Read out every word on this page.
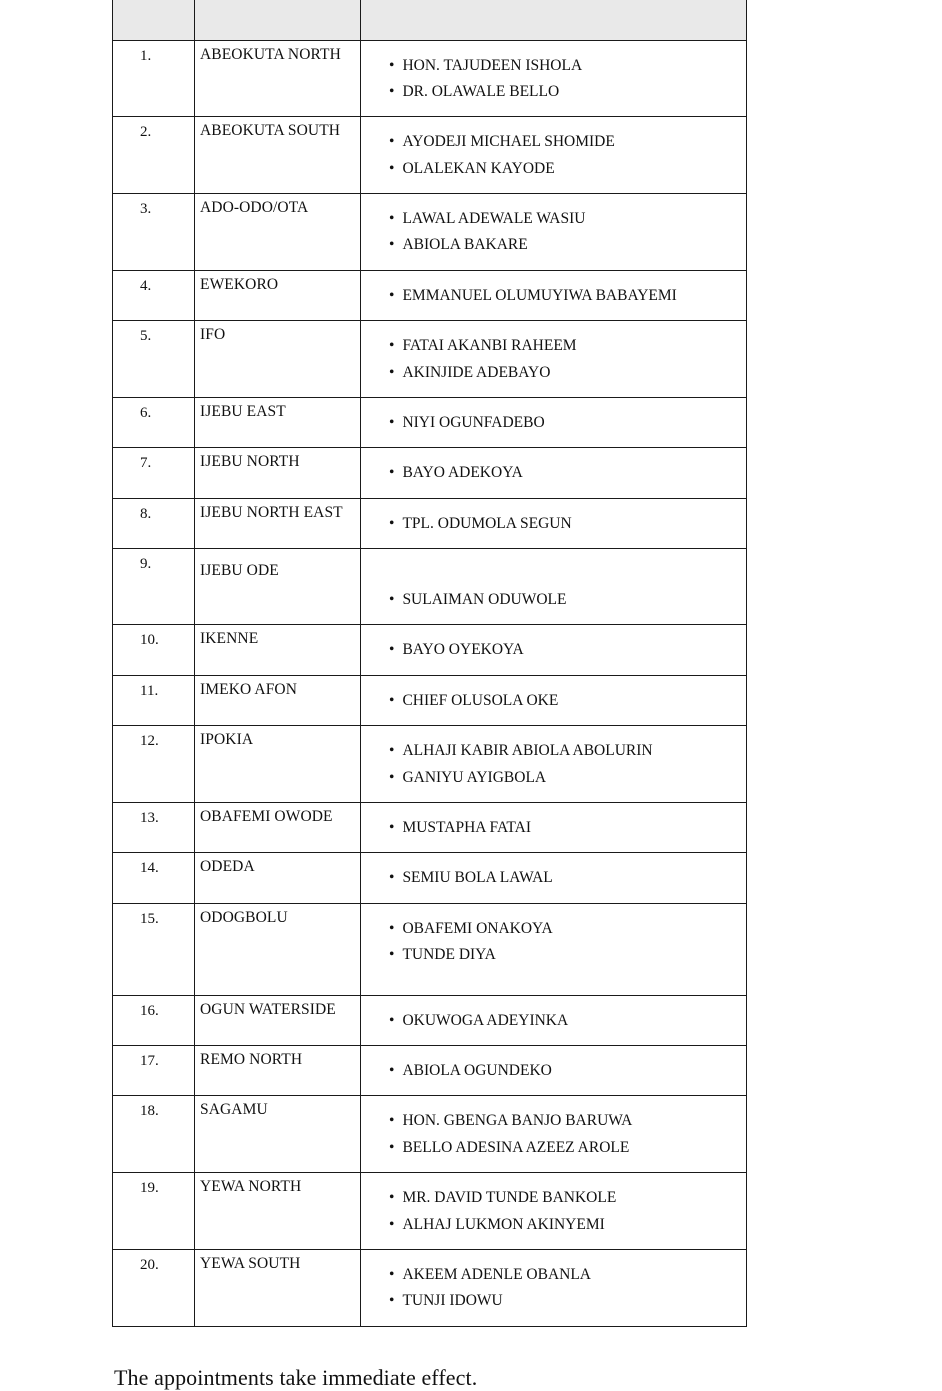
1.	ABEOKUTA NORTH	• HON. TAJUDEEN ISHOLA
• DR. OLAWALE BELLO

2.	ABEOKUTA SOUTH	• AYODEJI MICHAEL SHOMIDE
• OLALEKAN KAYODE

3.	ADO-ODO/OTA	• LAWAL ADEWALE WASIU
• ABIOLA BAKARE

4.	EWEKORO	• EMMANUEL OLUMUYIWA BABAYEMI

5.	IFO	• FATAI AKANBI RAHEEM
• AKINJIDE ADEBAYO

6.	IJEBU EAST	• NIYI OGUNFADEBO

7.	IJEBU NORTH	• BAYO ADEKOYA

8.	IJEBU NORTH EAST	• TPL. ODUMOLA SEGUN

9.	IJEBU ODE	• SULAIMAN ODUWOLE

10.	IKENNE	• BAYO OYEKOYA

11.	IMEKO AFON	• CHIEF OLUSOLA OKE

12.	IPOKIA	• ALHAJI KABIR ABIOLA ABOLURIN
• GANIYU AYIGBOLA

13.	OBAFEMI OWODE	• MUSTAPHA FATAI

14.	ODEDA	• SEMIU BOLA LAWAL

15.	ODOGBOLU	• OBAFEMI ONAKOYA
• TUNDE DIYA

16.	OGUN WATERSIDE	• OKUWOGA ADEYINKA

17.	REMO NORTH	• ABIOLA OGUNDEKO

18.	SAGAMU	• HON. GBENGA BANJO BARUWA
• BELLO ADESINA AZEEZ AROLE

19.	YEWA NORTH	• MR. DAVID TUNDE BANKOLE
• ALHAJ LUKMON AKINYEMI

20.	YEWA SOUTH	• AKEEM ADENLE OBANLA
• TUNJI IDOWU

The appointments take immediate effect.
